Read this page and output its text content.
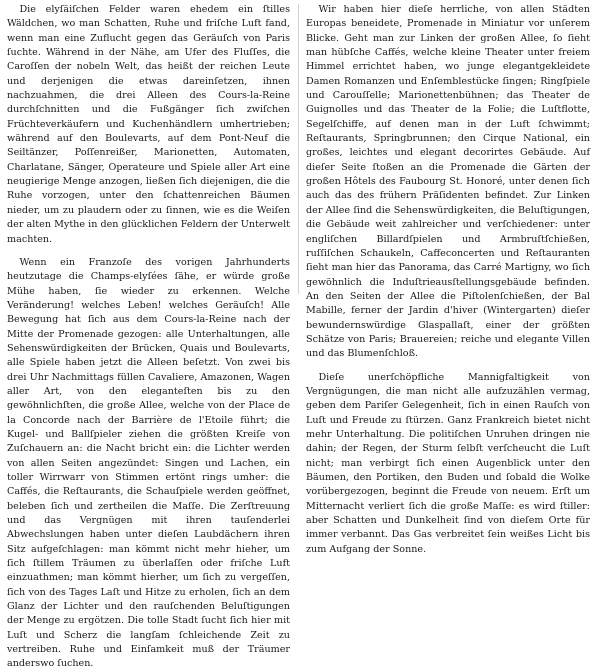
Die elyſäiſchen Felder waren ehedem ein ſtilles Wäldchen, wo man Schatten, Ruhe und friſche Luft fand, wenn man eine Zuflucht gegen das Geräuſch von Paris ſuchte. Während in der Nähe, am Ufer des Fluſſes, die Caroſſen der nobeln Welt, das heißt der reichen Leute und derjenigen die etwas dareinſetzen, ihnen nachzuahmen, die drei Alleen des Cours-la-Reine durchſchnitten und die Fußgänger ſich zwiſchen Früchteverkäufern und Kuchenhändlern umhertrieben; während auf den Boulevarts, auf dem Pont-Neuf die Seiltänzer, Poſſenreißer, Marionetten, Automaten, Charlatane, Sänger, Operateure und Spiele aller Art eine neugierige Menge anzogen, ließen ſich diejenigen, die die Ruhe vorzogen, unter den ſchattenreichen Bäumen nieder, um zu plaudern oder zu ſinnen, wie es die Weiſen der alten Mythe in den glücklichen Feldern der Unterwelt machten.

Wenn ein Franzoſe des vorigen Jahrhunderts heutzutage die Champs-elyſées ſähe, er würde große Mühe haben, ſie wieder zu erkennen. Welche Veränderung! welches Leben! welches Geräuſch! Alle Bewegung hat ſich aus dem Cours-la-Reine nach der Mitte der Promenade gezogen: alle Unterhaltungen, alle Sehenswürdigkeiten der Brücken, Quais und Boulevarts, alle Spiele haben jetzt die Alleen beſetzt. Von zwei bis drei Uhr Nachmittags füllen Cavaliere, Amazonen, Wagen aller Art, von den eleganteſten bis zu den gewöhnlichſten, die große Allee, welche von der Place de la Concorde nach der Barrière de l'Etoile führt; die Kugel- und Ballſpieler ziehen die größten Kreiſe von Zuſchauern an: die Nacht bricht ein: die Lichter werden von allen Seiten angezündet: Singen und Lachen, ein toller Wirrwarr von Stimmen ertönt rings umher: die Caffés, die Reſtaurants, die Schauſpiele werden geöffnet, beleben ſich und zertheilen die Maſſe. Die Zerſtreuung und das Vergnügen mit ihren tauſenderlei Abwechslungen haben unter dieſen Laubdächern ihren Sitz aufgeſchlagen: man kömmt nicht mehr hieher, um ſich ſtillem Träumen zu überlaſſen oder friſche Luft einzuathmen; man kömmt hierher, um ſich zu vergeſſen, ſich von des Tages Laſt und Hitze zu erholen, ſich an dem Glanz der Lichter und den rauſchenden Beluſtigungen der Menge zu ergötzen. Die tolle Stadt ſucht ſich hier mit Luſt und Scherz die langſam ſchleichende Zeit zu vertreiben. Ruhe und Einſamkeit muß der Träumer anderswo ſuchen.

Wir haben hier dieſe herrliche, von allen Städten Europas beneidete, Promenade in Miniatur vor unſerem Blicke. Geht man zur Linken der großen Allee, ſo ſieht man hübſche Caffés, welche kleine Theater unter freiem Himmel errichtet haben, wo junge elegantgekleidete Damen Romanzen und Enſemblestücke ſingen; Ringſpiele und Carouſſelle; Marionettenbühnen; das Theater de Guignolles und das Theater de la Folie; die Luſtflotte, Segelſchiffe, auf denen man in der Luft ſchwimmt; Reſtaurants, Springbrunnen; den Cirque National, ein großes, leichtes und elegant decorirtes Gebäude. Auf dieſer Seite ſtoßen an die Promenade die Gärten der großen Hôtels des Faubourg St. Honoré, unter denen ſich auch das des frühern Präſidenten befindet. Zur Linken der Allee ſind die Sehenswürdigkeiten, die Beluſtigungen, die Gebäude weit zahlreicher und verſchiedener: unter engliſchen Billardſpielen und Armbruſtſchießen, ruſſiſchen Schaukeln, Caffeconcerten und Reſtauranten ſieht man hier das Panorama, das Carré Martigny, wo ſich gewöhnlich die Induſtrieausſtellungsgebäude befinden. An den Seiten der Allee die Piſtolenſchießen, der Bal Mabille, ferner der Jardin d'hiver (Wintergarten) dieſer bewundernswürdige Glaspallaſt, einer der größten Schätze von Paris; Brauereien; reiche und elegante Villen und das Blumenſchloß.

Dieſe unerſchöpfliche Mannigfaltigkeit von Vergnügungen, die man nicht alle aufzuzählen vermag, geben dem Pariſer Gelegenheit, ſich in einen Rauſch von Luſt und Freude zu ſtürzen. Ganz Frankreich bietet nicht mehr Unterhaltung. Die politiſchen Unruhen dringen nie dahin; der Regen, der Sturm ſelbſt verſcheucht die Luſt nicht; man verbirgt ſich einen Augenblick unter den Bäumen, den Portiken, den Buden und ſobald die Wolke vorübergezogen, beginnt die Freude von neuem. Erſt um Mitternacht verliert ſich die große Maſſe: es wird ſtiller: aber Schatten und Dunkelheit ſind von dieſem Orte für immer verbannt. Das Gas verbreitet ſein weißes Licht bis zum Aufgang der Sonne.
